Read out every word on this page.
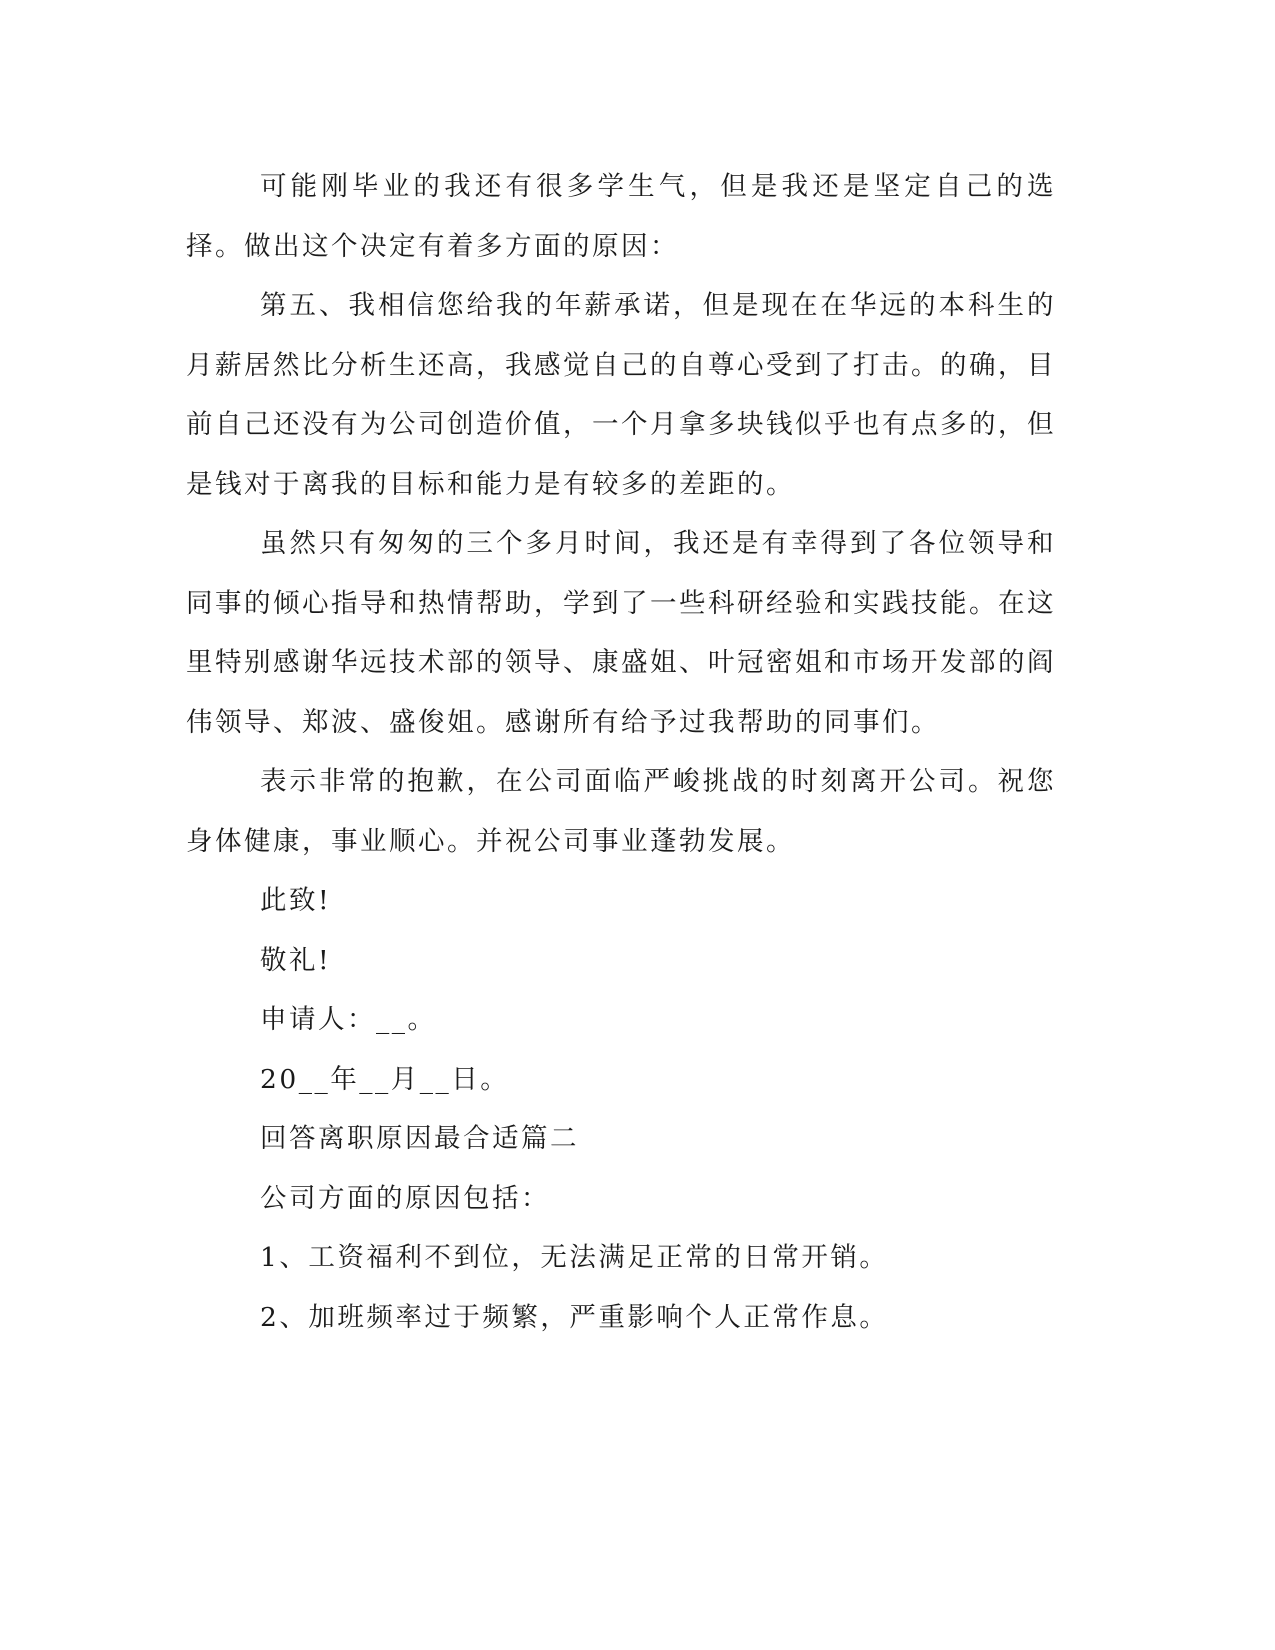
可能刚毕业的我还有很多学生气，但是我还是坚定自己的选择。做出这个决定有着多方面的原因：

第五、我相信您给我的年薪承诺，但是现在在华远的本科生的月薪居然比分析生还高，我感觉自己的自尊心受到了打击。的确，目前自己还没有为公司创造价值，一个月拿多块钱似乎也有点多的，但是钱对于离我的目标和能力是有较多的差距的。

虽然只有匆匆的三个多月时间，我还是有幸得到了各位领导和同事的倾心指导和热情帮助，学到了一些科研经验和实践技能。在这里特别感谢华远技术部的领导、康盛姐、叶冠密姐和市场开发部的阎伟领导、郑波、盛俊姐。感谢所有给予过我帮助的同事们。

表示非常的抱歉，在公司面临严峻挑战的时刻离开公司。祝您身体健康，事业顺心。并祝公司事业蓬勃发展。

此致!

敬礼!

申请人：__。

20__年__月__日。

回答离职原因最合适篇二

公司方面的原因包括：

1、工资福利不到位，无法满足正常的日常开销。

2、加班频率过于频繁，严重影响个人正常作息。
